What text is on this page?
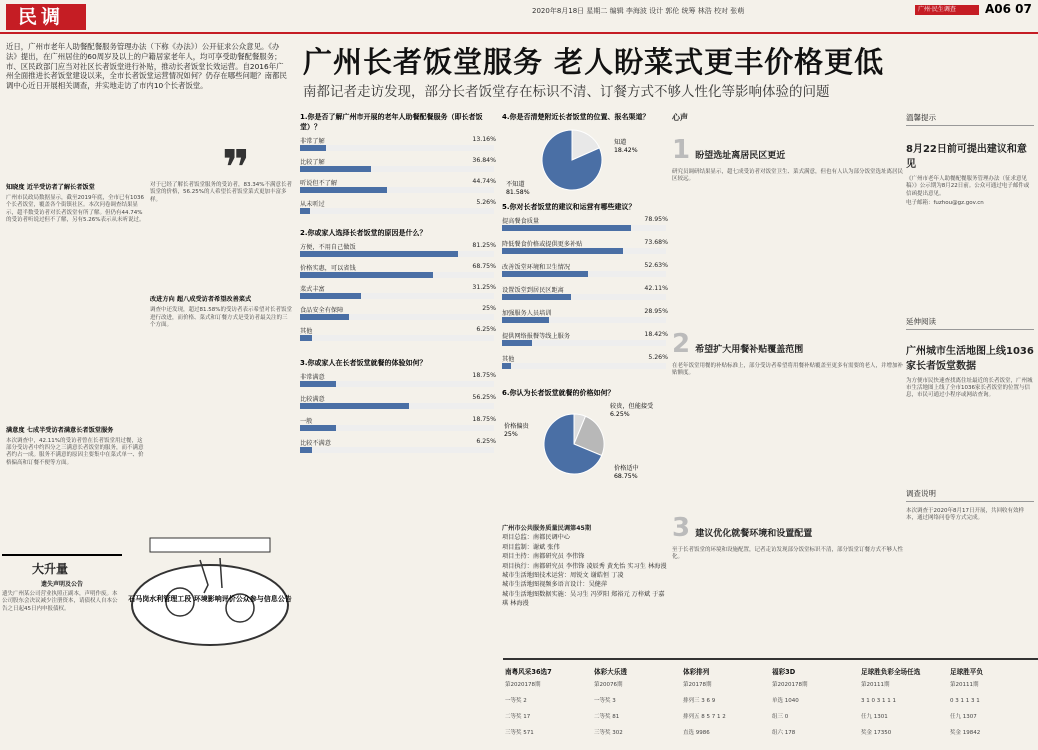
民调	2020年8月18日 星期二 编辑 李海波 设计 郭伦 统筹 林浩 校对 张萌	广州·民生调查	A06 07
近日，广州市老年人助餐配餐服务管理办法（下称《办法》）公开征求公众意见。《办法》提出，在广州居住的60周岁及以上的户籍居家老年人，均可享受助餐配餐服务；市、区民政部门应当对社区长者饭堂进行补贴，推动长者饭堂长效运营。自2016年广州全面推进长者饭堂建设以来，全市长者饭堂运营情况如何？仍存在哪些问题？南都民调中心近日开展相关调查，并实地走访了市内10个长者饭堂。
❞
知晓度 近半受访者了解长者饭堂
广州市民政局数据显示，截至2019年底，全市已有1036个长者饭堂，覆盖各个街镇社区。本次问卷调查结果显示，超半数受访者对长者饭堂有所了解。但仍有44.74%的受访者听说过但不了解，另有5.26%表示从未听说过。
满意度 七成半受访者满意长者饭堂服务
本次调查中，42.11%的受访者曾在长者饭堂用过餐，这部分受访者中约四分之三满意长者饭堂的服务，而不满意者约占一成。服务不满意的原因主要集中在菜式单一、价格偏高和订餐不便等方面。
对于已经了解长者饭堂服务的受访者，83.34%不满意长者饭堂的价格，56.25%的人希望长者饭堂菜式更加丰富多样。
改进方向 超八成受访者希望改善菜式
调查中还发现，超过81.58%的受访者表示希望对长者饭堂进行改进，而价格、菜式和订餐方式是受访者最关注的三个方面。
石马岗水利管理工段 环境影响评价公众参与信息公告
大升量
遗失声明及公告
遗失广州某公司营业执照正副本，声明作废。本公司股东会决议减少注册资本，请债权人自本公告之日起45日内申报债权。
广州长者饭堂服务 老人盼菜式更丰价格更低
南都记者走访发现，部分长者饭堂存在标识不清、订餐方式不够人性化等影响体验的问题
1.你是否了解广州市开展的老年人助餐配餐服务（即长者饭堂）？
非常了解	13.16%
比较了解	36.84%
听说但不了解	44.74%
从未听过	5.26%
2.你或家人选择长者饭堂的原因是什么？
方便，不用自己做饭	81.25%
价格实惠，可以省钱	68.75%
菜式丰富	31.25%
食品安全有保障	25%
其他	6.25%
3.你或家人在长者饭堂就餐的体验如何？
非常满意	18.75%
比较满意	56.25%
一般	18.75%
比较不满意	6.25%
4.你是否清楚附近长者饭堂的位置、报名渠道？
知道
18.42%
不知道
81.58%
5.你对长者饭堂的建议和运营有哪些建议？
提高餐食质量	78.95%
降低餐食价格或提供更多补贴	73.68%
改善饭堂环境和卫生情况	52.63%
设置饭堂到居民区距离	42.11%
加强服务人员培训	28.95%
提供网络报餐等线上服务	18.42%
其他	5.26%
6.你认为长者饭堂就餐的价格如何？
较贵，但能接受
6.25%
价格偏贵
25%
价格适中
68.75%
广州市公共服务质量民调第45期
项目总监：南都民调中心
项目监制：谢斌 张伟
项目主持：南都研究员 李伟锋
项目执行：南都研究员 李伟锋 凌辰秀 黄允怡 实习生 林海漫
城市生活地图技术运营：周锐文 谢皓恒 丁凌
城市生活地图视频多语言设计：吴健萍
城市生活地图数据实施：吴习生 冯罗阳 郑裕元 万梓斌 于嘉琪 林海漫
心声
1 盼望选址离居民区更近
研究员调研结果显示，超七成受访者对饭堂卫生、菜式满意，但也有人认为部分饭堂选址离居民区较远。
2 希望扩大用餐补贴覆盖范围
在老年饭堂用餐的补贴标准上，部分受访者希望将用餐补贴覆盖至更多有需要的老人，并增加补贴额度。
3 建议优化就餐环境和设置配置
至于长者饭堂的环境和设施配置，记者走访发现部分饭堂标识不清，部分饭堂订餐方式不够人性化。
溫馨提示
8月22日前可提出建议和意见
《广州市老年人助餐配餐服务管理办法（征求意见稿）》公示期为8月22日前。公众可通过电子邮件或信函提出意见。
电子邮箱：fuzhou@gz.gov.cn
延伸阅读
广州城市生活地图上线1036家长者饭堂数据
为方便市民快速查找离住址最近的长者饭堂，广州城市生活地图上线了全市1036家长者饭堂的位置与信息，市民可通过小程序或网站查询。
调查说明
本次调查于2020年8月17日开展，共回收有效样本，通过网络问卷等方式完成。
南粤风采36选7	体彩大乐透	体彩排列	福彩3D	足球胜负彩全场任选	足球胜平负
第2020178期	第20076期	第20178期	第2020178期	第20111期	第20111期
一等奖 2	一等奖 3	排列三 3 6 9	单选 1040	3 1 0 3 1 1 1	0 3 1 1 3 1
二等奖 17	二等奖 81	排列五 8 5 7 1 2	组三 0	任九 1301	任九 1307
三等奖 571	三等奖 302	直选 9986	组六 178	奖金 17350	奖金 19842
